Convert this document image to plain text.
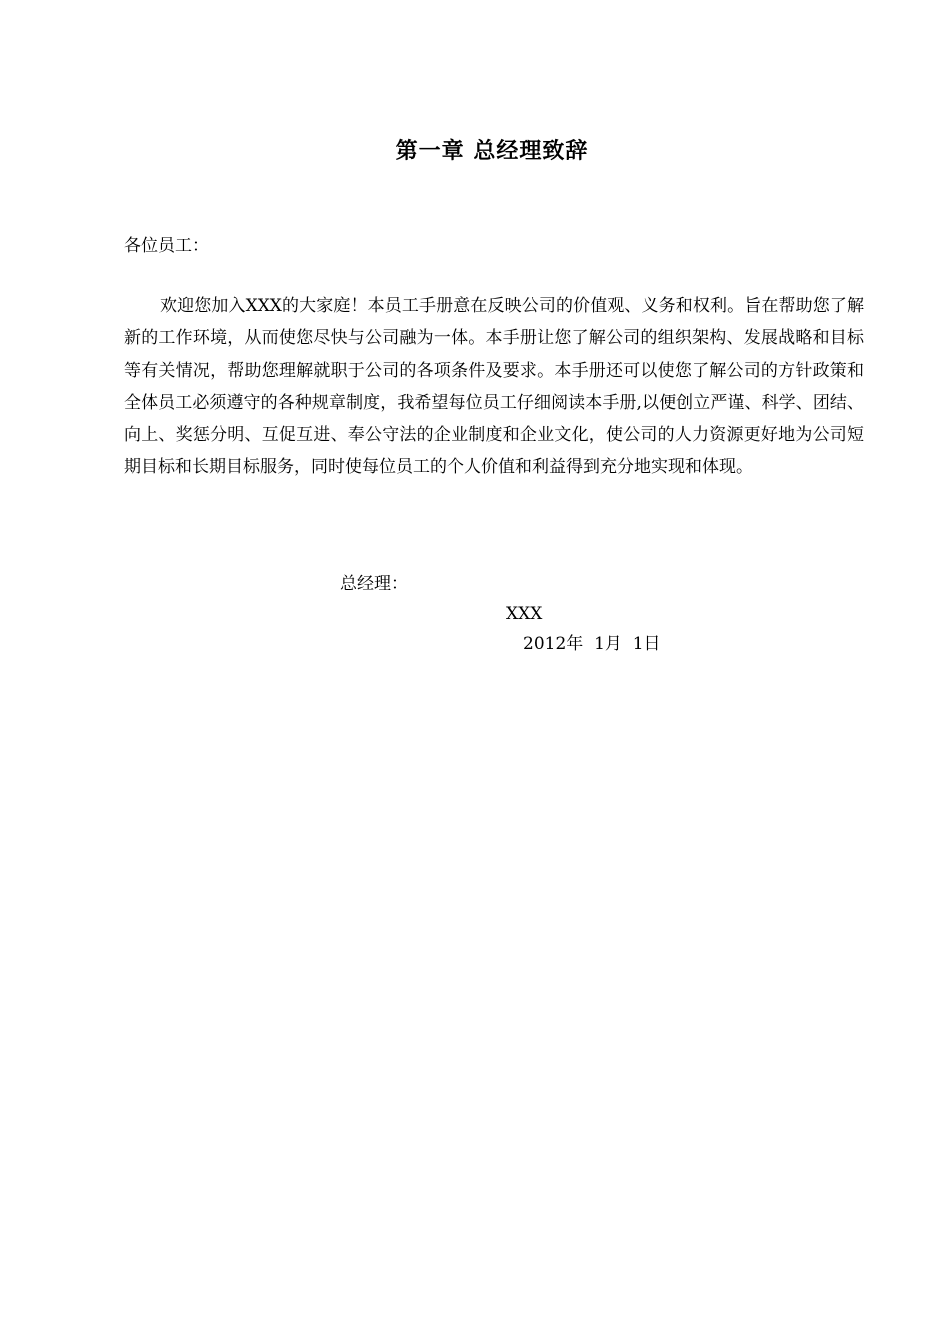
第一章 总经理致辞
各位员工：

欢迎您加入XXX的大家庭！本员工手册意在反映公司的价值观、义务和权利。旨在帮助您了解新的工作环境，从而使您尽快与公司融为一体。本手册让您了解公司的组织架构、发展战略和目标等有关情况，帮助您理解就职于公司的各项条件及要求。本手册还可以使您了解公司的方针政策和全体员工必须遵守的各种规章制度，我希望每位员工仔细阅读本手册,以便创立严谨、科学、团结、向上、奖惩分明、互促互进、奉公守法的企业制度和企业文化，使公司的人力资源更好地为公司短期目标和长期目标服务，同时使每位员工的个人价值和利益得到充分地实现和体现。

总经理：
XXX
2012年  1月  1日
